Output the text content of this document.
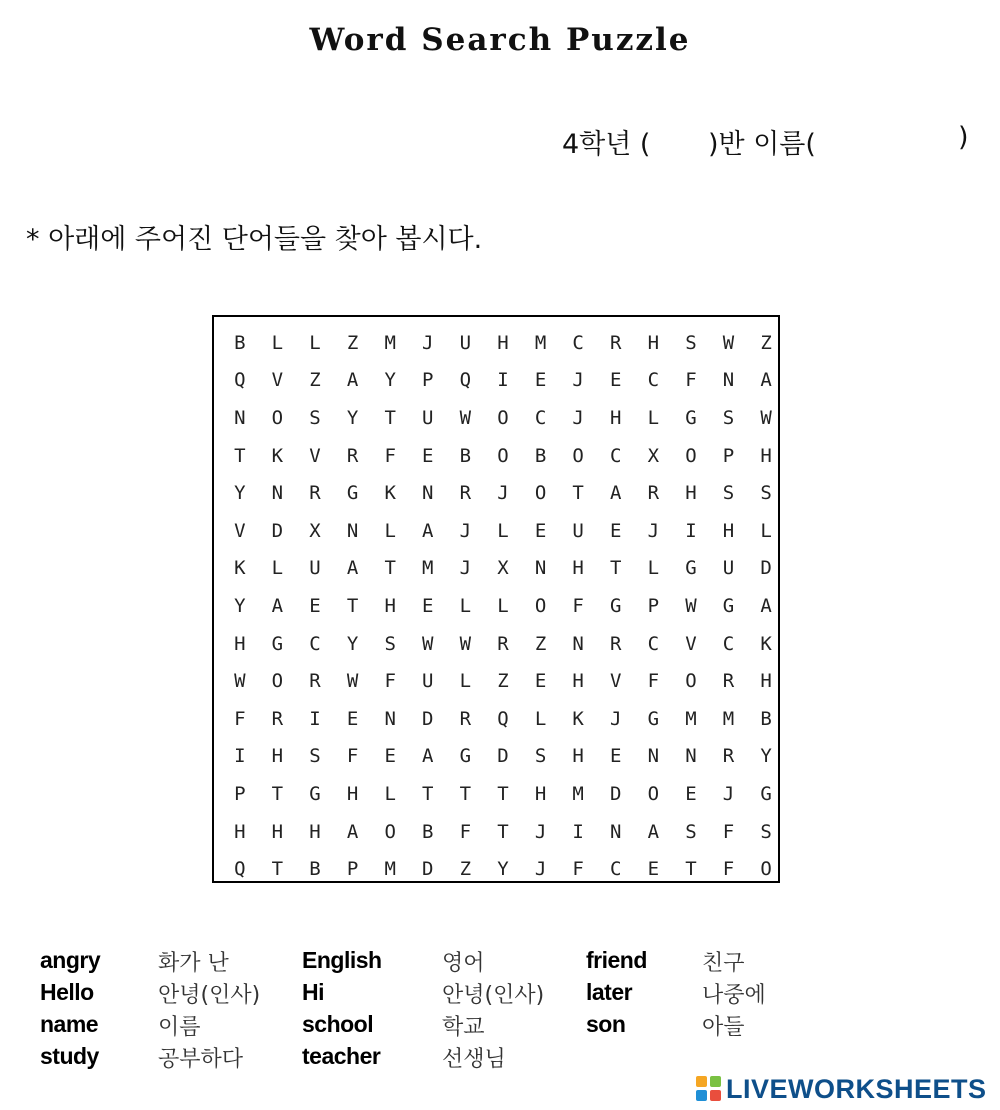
Word Search Puzzle
4학년 ( )반 이름(	)
* 아래에 주어진 단어들을 찾아 봅시다.
B	L	L	Z	M	J	U	H	M	C	R	H	S	W	Z
Q	V	Z	A	Y	P	Q	I	E	J	E	C	F	N	A
N	O	S	Y	T	U	W	O	C	J	H	L	G	S	W
T	K	V	R	F	E	B	O	B	O	C	X	O	P	H
Y	N	R	G	K	N	R	J	O	T	A	R	H	S	S
V	D	X	N	L	A	J	L	E	U	E	J	I	H	L
K	L	U	A	T	M	J	X	N	H	T	L	G	U	D
Y	A	E	T	H	E	L	L	O	F	G	P	W	G	A
H	G	C	Y	S	W	W	R	Z	N	R	C	V	C	K
W	O	R	W	F	U	L	Z	E	H	V	F	O	R	H
F	R	I	E	N	D	R	Q	L	K	J	G	M	M	B
I	H	S	F	E	A	G	D	S	H	E	N	N	R	Y
P	T	G	H	L	T	T	T	H	M	D	O	E	J	G
H	H	H	A	O	B	F	T	J	I	N	A	S	F	S
Q	T	B	P	M	D	Z	Y	J	F	C	E	T	F	O
angry	화가 난
Hello	안녕(인사)
name	이름
study	공부하다
English	영어
Hi	안녕(인사)
school	학교
teacher	선생님
friend	친구
later	나중에
son	아들
LIVEWORKSHEETS
